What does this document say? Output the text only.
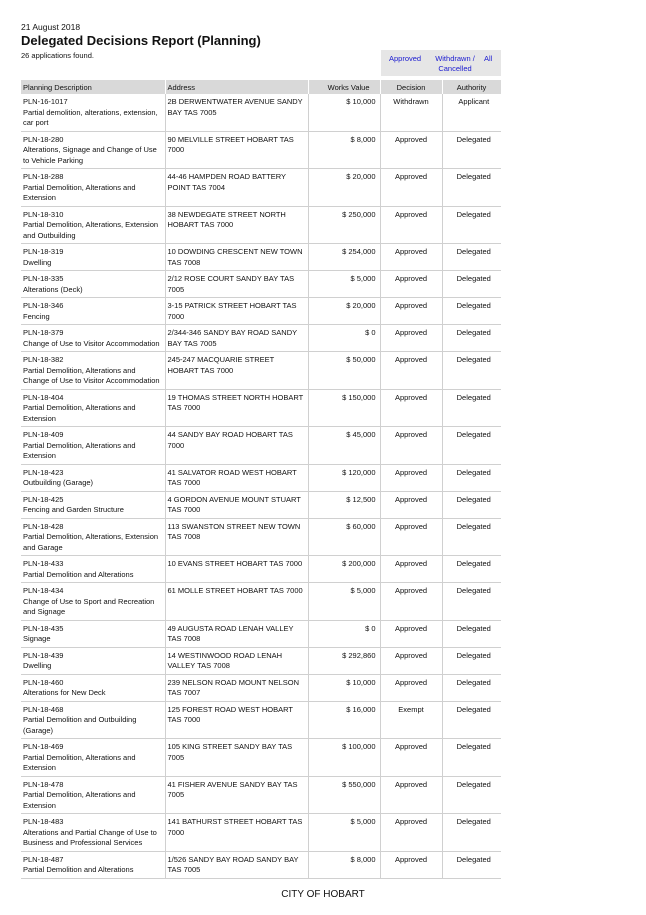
21 August 2018
Delegated Decisions Report (Planning)
26 applications found.	Approved Withdrawn / Cancelled
All
Planning Description	Address	Works Value	Decision	Authority

PLN-16-1017
Partial demolition, alterations, extension, car port	2B DERWENTWATER AVENUE SANDY BAY TAS 7005	$ 10,000	Withdrawn	Applicant

PLN-18-280
Alterations, Signage and Change of Use to Vehicle Parking	90 MELVILLE STREET HOBART TAS 7000	$ 8,000	Approved	Delegated

PLN-18-288
Partial Demolition, Alterations and Extension	44-46 HAMPDEN ROAD BATTERY POINT TAS 7004	$ 20,000	Approved	Delegated

PLN-18-310
Partial Demolition, Alterations, Extension and Outbuilding	38 NEWDEGATE STREET NORTH HOBART TAS 7000	$ 250,000	Approved	Delegated

PLN-18-319
Dwelling	10 DOWDING CRESCENT NEW TOWN TAS 7008	$ 254,000	Approved	Delegated

PLN-18-335
Alterations (Deck)	2/12 ROSE COURT SANDY BAY TAS 7005	$ 5,000	Approved	Delegated

PLN-18-346
Fencing	3-15 PATRICK STREET HOBART TAS 7000	$ 20,000	Approved	Delegated

PLN-18-379
Change of Use to Visitor Accommodation	2/344-346 SANDY BAY ROAD SANDY BAY TAS 7005	$ 0	Approved	Delegated

PLN-18-382
Partial Demolition, Alterations and Change of Use to Visitor Accommodation	245-247 MACQUARIE STREET HOBART TAS 7000	$ 50,000	Approved	Delegated

PLN-18-404
Partial Demolition, Alterations and Extension	19 THOMAS STREET NORTH HOBART TAS 7000	$ 150,000	Approved	Delegated

PLN-18-409
Partial Demolition, Alterations and Extension	44 SANDY BAY ROAD HOBART TAS 7000	$ 45,000	Approved	Delegated

PLN-18-423
Outbuilding (Garage)	41 SALVATOR ROAD WEST HOBART TAS 7000	$ 120,000	Approved	Delegated

PLN-18-425
Fencing and Garden Structure	4 GORDON AVENUE MOUNT STUART TAS 7000	$ 12,500	Approved	Delegated

PLN-18-428
Partial Demolition, Alterations, Extension and Garage	113 SWANSTON STREET NEW TOWN TAS 7008	$ 60,000	Approved	Delegated

PLN-18-433
Partial Demolition and Alterations	10 EVANS STREET HOBART TAS 7000	$ 200,000	Approved	Delegated

PLN-18-434
Change of Use to Sport and Recreation and Signage	61 MOLLE STREET HOBART TAS 7000	$ 5,000	Approved	Delegated

PLN-18-435
Signage	49 AUGUSTA ROAD LENAH VALLEY TAS 7008	$ 0	Approved	Delegated

PLN-18-439
Dwelling	14 WESTINWOOD ROAD LENAH VALLEY TAS 7008	$ 292,860	Approved	Delegated

PLN-18-460
Alterations for New Deck	239 NELSON ROAD MOUNT NELSON TAS 7007	$ 10,000	Approved	Delegated

PLN-18-468
Partial Demolition and Outbuilding (Garage)	125 FOREST ROAD WEST HOBART TAS 7000	$ 16,000	Exempt	Delegated

PLN-18-469
Partial Demolition, Alterations and Extension	105 KING STREET SANDY BAY TAS 7005	$ 100,000	Approved	Delegated

PLN-18-478
Partial Demolition, Alterations and Extension	41 FISHER AVENUE SANDY BAY TAS 7005	$ 550,000	Approved	Delegated

PLN-18-483
Alterations and Partial Change of Use to Business and Professional Services	141 BATHURST STREET HOBART TAS 7000	$ 5,000	Approved	Delegated

PLN-18-487
Partial Demolition and Alterations	1/526 SANDY BAY ROAD SANDY BAY TAS 7005	$ 8,000	Approved	Delegated
CITY OF HOBART
